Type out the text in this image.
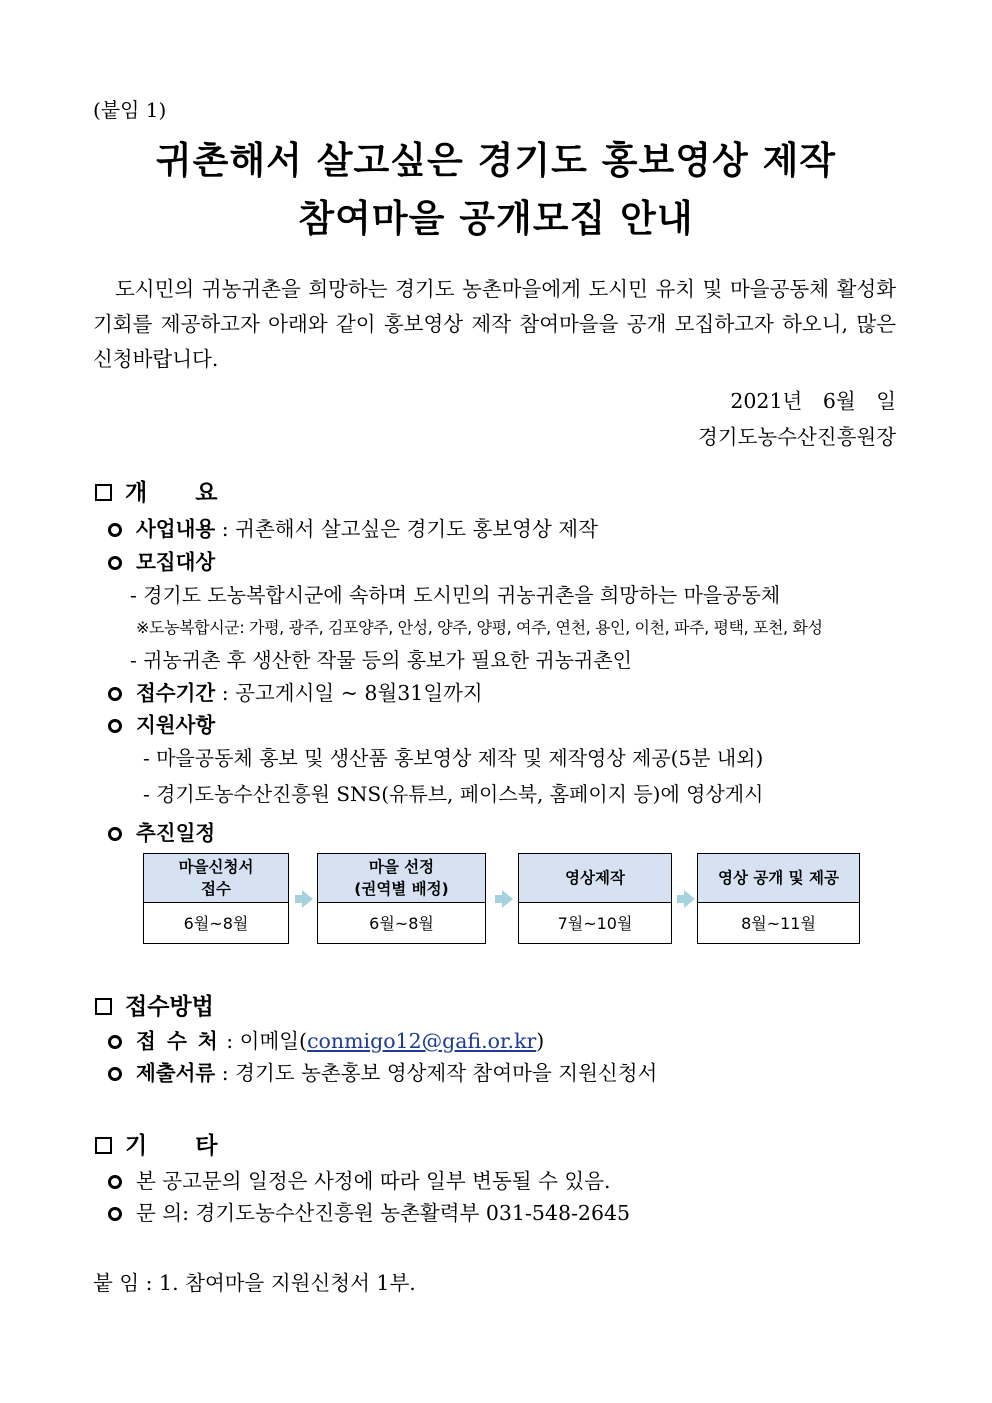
(붙임 1)
귀촌해서 살고싶은 경기도 홍보영상 제작
참여마을 공개모집 안내
도시민의 귀농귀촌을 희망하는 경기도 농촌마을에게 도시민 유치 및 마을공동체 활성화 기회를 제공하고자 아래와 같이 홍보영상 제작 참여마을을 공개 모집하고자 하오니, 많은 신청바랍니다.
2021년 6월 일
경기도농수산진흥원장
개 요
사업내용 : 귀촌해서 살고싶은 경기도 홍보영상 제작
모집대상
- 경기도 도농복합시군에 속하며 도시민의 귀농귀촌을 희망하는 마을공동체
※도농복합시군: 가평, 광주, 김포양주, 안성, 양주, 양평, 여주, 연천, 용인, 이천, 파주, 평택, 포천, 화성
- 귀농귀촌 후 생산한 작물 등의 홍보가 필요한 귀농귀촌인
접수기간 : 공고게시일 ~ 8월31일까지
지원사항
- 마을공동체 홍보 및 생산품 홍보영상 제작 및 제작영상 제공(5분 내외)
- 경기도농수산진흥원 SNS(유튜브, 페이스북, 홈페이지 등)에 영상게시
추진일정
마을신청서
접수
6월~8월
마을 선정
(권역별 배정)
6월~8월
영상제작
7월~10월
영상 공개 및 제공
8월~11월
접수방법
접 수 처 : 이메일(conmigo12@gafi.or.kr)
제출서류 : 경기도 농촌홍보 영상제작 참여마을 지원신청서
기 타
본 공고문의 일정은 사정에 따라 일부 변동될 수 있음.
문 의: 경기도농수산진흥원 농촌활력부 031-548-2645
붙 임 : 1. 참여마을 지원신청서 1부.
